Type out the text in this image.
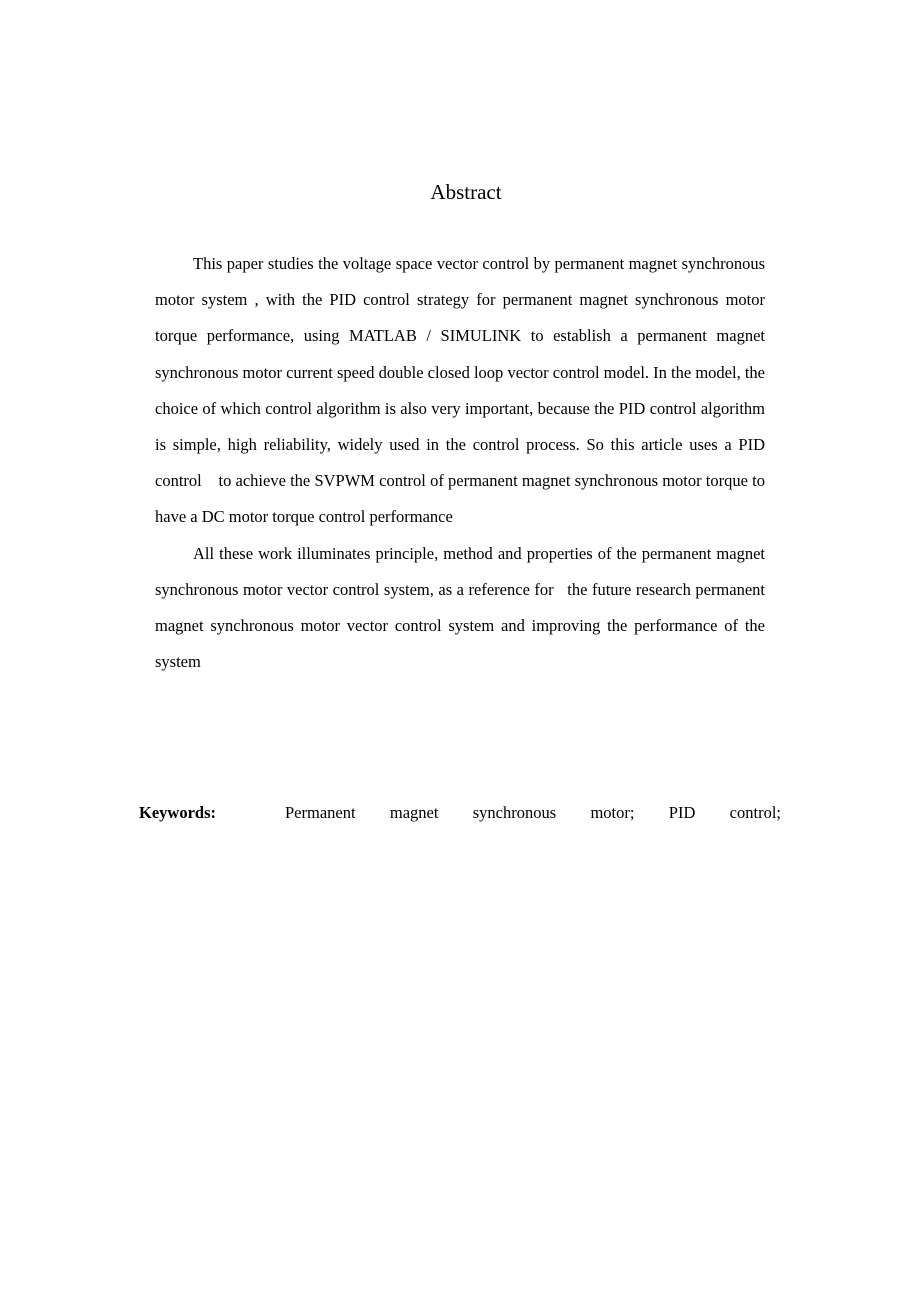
Abstract

This paper studies the voltage space vector control by permanent magnet synchronous motor system , with the PID control strategy for permanent magnet synchronous motor torque performance, using MATLAB / SIMULINK to establish a permanent magnet synchronous motor current speed double closed loop vector control model. In the model, the choice of which control algorithm is also very important, because the PID control algorithm is simple, high reliability, widely used in the control process. So this article uses a PID control    to achieve the SVPWM control of permanent magnet synchronous motor torque to have a DC motor torque control performance

All these work illuminates principle, method and properties of the permanent magnet synchronous motor vector control system, as a reference for   the future research permanent magnet synchronous motor vector control system and improving the performance of the system

Keywords:	Permanent magnet synchronous motor; PID control;
